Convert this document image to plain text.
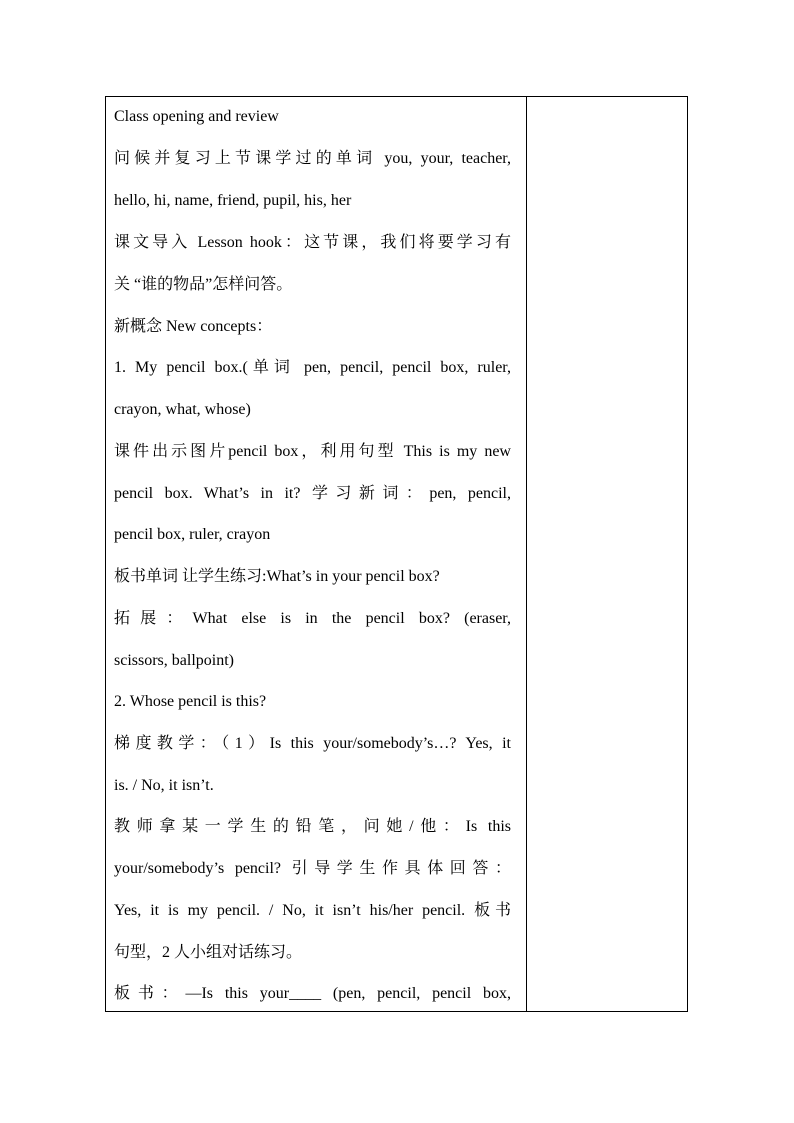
Class opening and review
问候并复习上节课学过的单词 you, your, teacher,
hello, hi, name, friend, pupil, his, her
课文导入 Lesson hook：这节课，我们将要学习有
关 “谁的物品”怎样问答。
新概念 New concepts：
1. My pencil box.(单词 pen, pencil, pencil box, ruler,
crayon, what, whose)
课件出示图片pencil box，利用句型 This is my new
pencil box. What’s in it? 学习新词：pen, pencil,
pencil box, ruler, crayon
板书单词 让学生练习:What’s in your pencil box?
拓展：What else is in the pencil box? (eraser,
scissors, ballpoint)
2. Whose pencil is this?
梯度教学：（1）Is this your/somebody’s…? Yes, it
is. / No, it isn’t.
教师拿某一学生的铅笔，问她/他：Is this
your/somebody’s pencil? 引导学生作具体回答：
Yes, it is my pencil. / No, it isn’t his/her pencil. 板书
句型，2 人小组对话练习。
板书：—Is this your____ (pen, pencil, pencil box,
